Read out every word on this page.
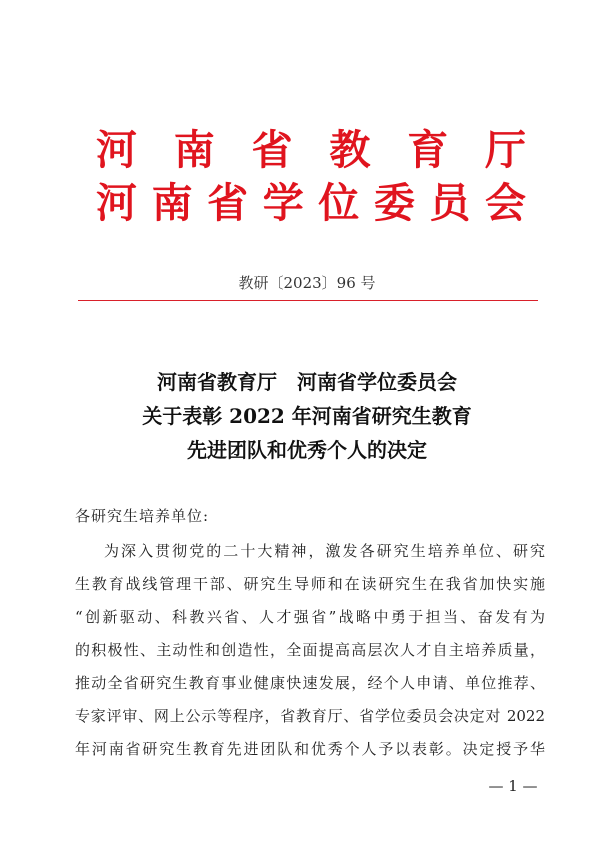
河南省教育厅
河南省学位委员会
教研〔2023〕96 号
河南省教育厅 河南省学位委员会
关于表彰 2022 年河南省研究生教育
先进团队和优秀个人的决定
各研究生培养单位:
为深入贯彻党的二十大精神，激发各研究生培养单位、研究
生教育战线管理干部、研究生导师和在读研究生在我省加快实施
“创新驱动、科教兴省、人才强省”战略中勇于担当、奋发有为
的积极性、主动性和创造性，全面提高高层次人才自主培养质量，
推动全省研究生教育事业健康快速发展，经个人申请、单位推荐、
专家评审、网上公示等程序，省教育厅、省学位委员会决定对 2022
年河南省研究生教育先进团队和优秀个人予以表彰。决定授予华
— 1 —
